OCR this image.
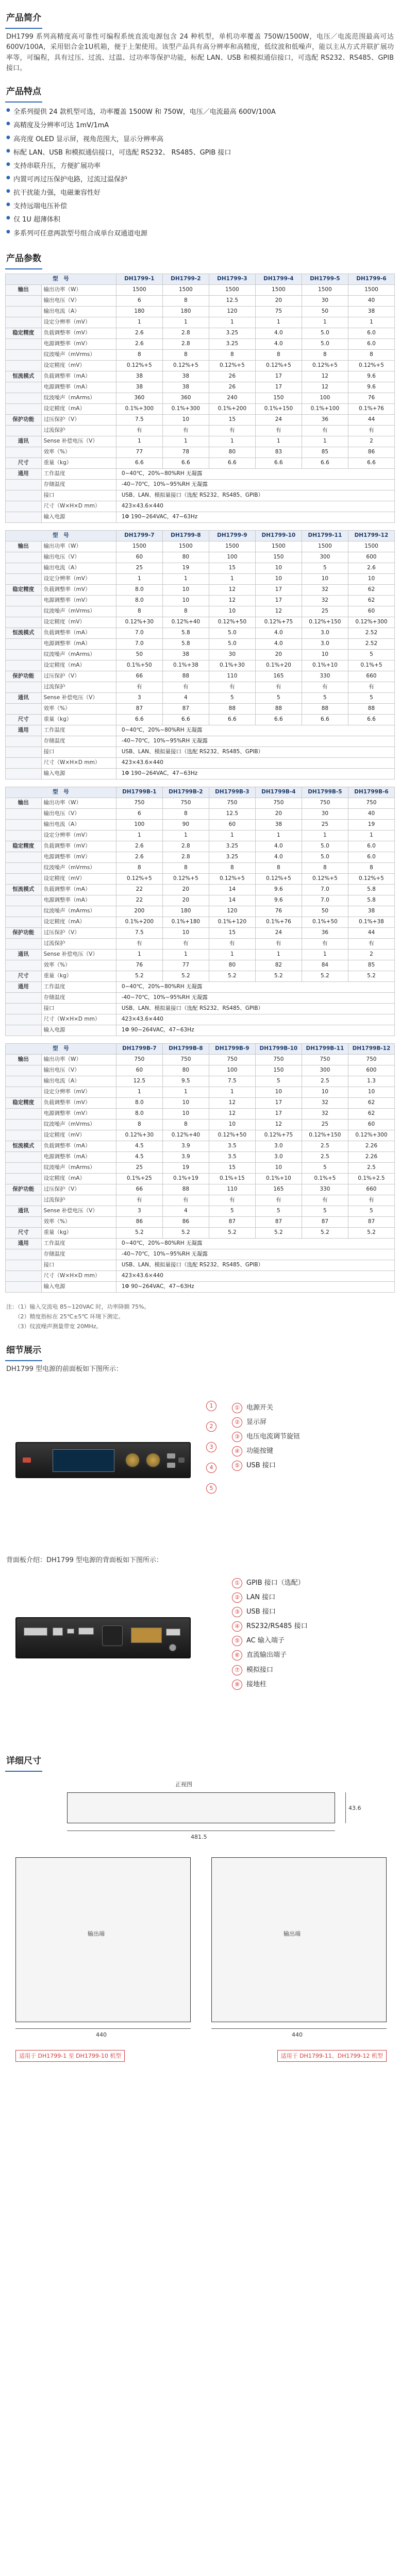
产品简介

DH1799 系列高精度高可靠性可编程系统直流电源包含 24 种机型，单机功率覆盖 750W/1500W，电压／电流范围最高可达 600V/100A，采用铝合金1U机箱，便于上架使用。该型产品具有高分辨率和高精度，低纹波和低噪声，能以主从方式并联扩展功率等，可编程，具有过压、过流、过温、过功率等保护功能，标配 LAN、USB 和模拟通信接口，可选配 RS232、RS485、GPIB 接口。

产品特点
● 全系列提供 24 款机型可选，功率覆盖 1500W 和 750W，电压／电流最高 600V/100A
● 高精度及分辨率可达 1mV/1mA
● 高亮度 OLED 显示屏，视角范围大，显示分辨率高
● 标配 LAN、USB 和模拟通信接口，可选配 RS232、 RS485、GPIB 接口
● 支持串联升压，方便扩展功率
● 内置可再过压保护电路，过流过温保护
● 抗干扰能力强，电磁兼容性好
● 支持远端电压补偿
● 仅 1U 超薄体积
● 多系列可任意两款型号组合成单台双通道电源
产品参数
型　号		DH1799-1	DH1799-2	DH1799-3	DH1799-4	DH1799-5	DH1799-6
输出	输出功率（W）	1500	1500	1500	1500	1500	1500
	输出电压（V）	6	8	12.5	20	30	40
	输出电流（A）	180	180	120	75	50	38
	设定分辨率（mV）	1	1	1	1	1	1
稳定精度	负载调整率（mV）	2.6	2.8	3.25	4.0	5.0	6.0
	电源调整率（mV）	2.6	2.8	3.25	4.0	5.0	6.0
	纹波噪声（mVrms）	8	8	8	8	8	8
	设定精度（mV）	0.12%+5	0.12%+5	0.12%+5	0.12%+5	0.12%+5	0.12%+5
恒流模式	负载调整率（mA）	38	38	26	17	12	9.6
	电源调整率（mA）	38	38	26	17	12	9.6
	纹波噪声（mArms）	360	360	240	150	100	76
	设定精度（mA）	0.1%+300	0.1%+300	0.1%+200	0.1%+150	0.1%+100	0.1%+76
保护功能	过压保护（V）	7.5	10	15	24	36	44
	过流保护	有	有	有	有	有	有
通讯	Sense 补偿电压（V）	1	1	1	1	1	2
	效率（%）	77	78	80	83	85	86
尺寸	重量（kg）	6.6	6.6	6.6	6.6	6.6	6.6
通用	工作温度	0~40℃，20%~80%RH 无凝露					
	存储温度	-40~70℃，10%~95%RH 无凝露					
	接口	USB、LAN、模拟量接口（选配 RS232、RS485、GPIB）					
	尺寸（W×H×D mm）	423×43.6×440					
	输入电源	1Φ 190~264VAC，47~63Hz					
型　号		DH1799-7	DH1799-8	DH1799-9	DH1799-10	DH1799-11	DH1799-12
输出	输出功率（W）	1500	1500	1500	1500	1500	1500
	输出电压（V）	60	80	100	150	300	600
	输出电流（A）	25	19	15	10	5	2.6
	设定分辨率（mV）	1	1	1	10	10	10
稳定精度	负载调整率（mV）	8.0	10	12	17	32	62
	电源调整率（mV）	8.0	10	12	17	32	62
	纹波噪声（mVrms）	8	8	10	12	25	60
	设定精度（mV）	0.12%+30	0.12%+40	0.12%+50	0.12%+75	0.12%+150	0.12%+300
恒流模式	负载调整率（mA）	7.0	5.8	5.0	4.0	3.0	2.52
	电源调整率（mA）	7.0	5.8	5.0	4.0	3.0	2.52
	纹波噪声（mArms）	50	38	30	20	10	5
	设定精度（mA）	0.1%+50	0.1%+38	0.1%+30	0.1%+20	0.1%+10	0.1%+5
保护功能	过压保护（V）	66	88	110	165	330	660
	过流保护	有	有	有	有	有	有
通讯	Sense 补偿电压（V）	3	4	5	5	5	5
	效率（%）	87	87	88	88	88	88
尺寸	重量（kg）	6.6	6.6	6.6	6.6	6.6	6.6
通用	工作温度	0~40℃，20%~80%RH 无凝露					
	存储温度	-40~70℃，10%~95%RH 无凝露					
	接口	USB、LAN、模拟量接口（选配 RS232、RS485、GPIB）					
	尺寸（W×H×D mm）	423×43.6×440					
	输入电源	1Φ 190~264VAC，47~63Hz					
型　号		DH1799B-1	DH1799B-2	DH1799B-3	DH1799B-4	DH1799B-5	DH1799B-6
输出	输出功率（W）	750	750	750	750	750	750
	输出电压（V）	6	8	12.5	20	30	40
	输出电流（A）	100	90	60	38	25	19
	设定分辨率（mV）	1	1	1	1	1	1
稳定精度	负载调整率（mV）	2.6	2.8	3.25	4.0	5.0	6.0
	电源调整率（mV）	2.6	2.8	3.25	4.0	5.0	6.0
	纹波噪声（mVrms）	8	8	8	8	8	8
	设定精度（mV）	0.12%+5	0.12%+5	0.12%+5	0.12%+5	0.12%+5	0.12%+5
恒流模式	负载调整率（mA）	22	20	14	9.6	7.0	5.8
	电源调整率（mA）	22	20	14	9.6	7.0	5.8
	纹波噪声（mArms）	200	180	120	76	50	38
	设定精度（mA）	0.1%+200	0.1%+180	0.1%+120	0.1%+76	0.1%+50	0.1%+38
保护功能	过压保护（V）	7.5	10	15	24	36	44
	过流保护	有	有	有	有	有	有
通讯	Sense 补偿电压（V）	1	1	1	1	1	2
	效率（%）	76	77	80	82	84	85
尺寸	重量（kg）	5.2	5.2	5.2	5.2	5.2	5.2
通用	工作温度	0~40℃，20%~80%RH 无凝露					
	存储温度	-40~70℃，10%~95%RH 无凝露					
	接口	USB、LAN、模拟量接口（选配 RS232、RS485、GPIB）					
	尺寸（W×H×D mm）	423×43.6×440					
	输入电源	1Φ 90~264VAC，47~63Hz					
型　号		DH1799B-7	DH1799B-8	DH1799B-9	DH1799B-10	DH1799B-11	DH1799B-12
输出	输出功率（W）	750	750	750	750	750	750
	输出电压（V）	60	80	100	150	300	600
	输出电流（A）	12.5	9.5	7.5	5	2.5	1.3
	设定分辨率（mV）	1	1	1	10	10	10
稳定精度	负载调整率（mV）	8.0	10	12	17	32	62
	电源调整率（mV）	8.0	10	12	17	32	62
	纹波噪声（mVrms）	8	8	10	12	25	60
	设定精度（mV）	0.12%+30	0.12%+40	0.12%+50	0.12%+75	0.12%+150	0.12%+300
恒流模式	负载调整率（mA）	4.5	3.9	3.5	3.0	2.5	2.26
	电源调整率（mA）	4.5	3.9	3.5	3.0	2.5	2.26
	纹波噪声（mArms）	25	19	15	10	5	2.5
	设定精度（mA）	0.1%+25	0.1%+19	0.1%+15	0.1%+10	0.1%+5	0.1%+2.5
保护功能	过压保护（V）	66	88	110	165	330	660
	过流保护	有	有	有	有	有	有
通讯	Sense 补偿电压（V）	3	4	5	5	5	5
	效率（%）	86	86	87	87	87	87
尺寸	重量（kg）	5.2	5.2	5.2	5.2	5.2	5.2
通用	工作温度	0~40℃，20%~80%RH 无凝露					
	存储温度	-40~70℃，10%~95%RH 无凝露					
	接口	USB、LAN、模拟量接口（选配 RS232、RS485、GPIB）					
	尺寸（W×H×D mm）	423×43.6×440					
	输入电源	1Φ 90~264VAC，47~63Hz					
注：（1）输入交流电 85~120VAC 时，功率降额 75%。
　　（2）精度指标在 25℃±5℃ 环境下测定。
　　（3）纹波噪声测量带宽 20MHz。
细节展示
DH1799 型电源的前面板如下图所示：
1
2
3
4
5
① 电源开关
② 显示屏
③ 电压电流调节旋钮
④ 功能按键
⑤ USB 接口
背面板介绍：DH1799 型电源的背面板如下图所示：
① GPIB 接口（选配）
② LAN 接口
③ USB 接口
④ RS232/RS485 接口
⑤ AC 输入端子
⑥ 直流输出端子
⑦ 模拟接口
⑧ 接地柱
详细尺寸
正视图
481.5
43.6
输出端
440
输出端
440
适用于 DH1799-1 至 DH1799-10 机型	适用于 DH1799-11、DH1799-12 机型
